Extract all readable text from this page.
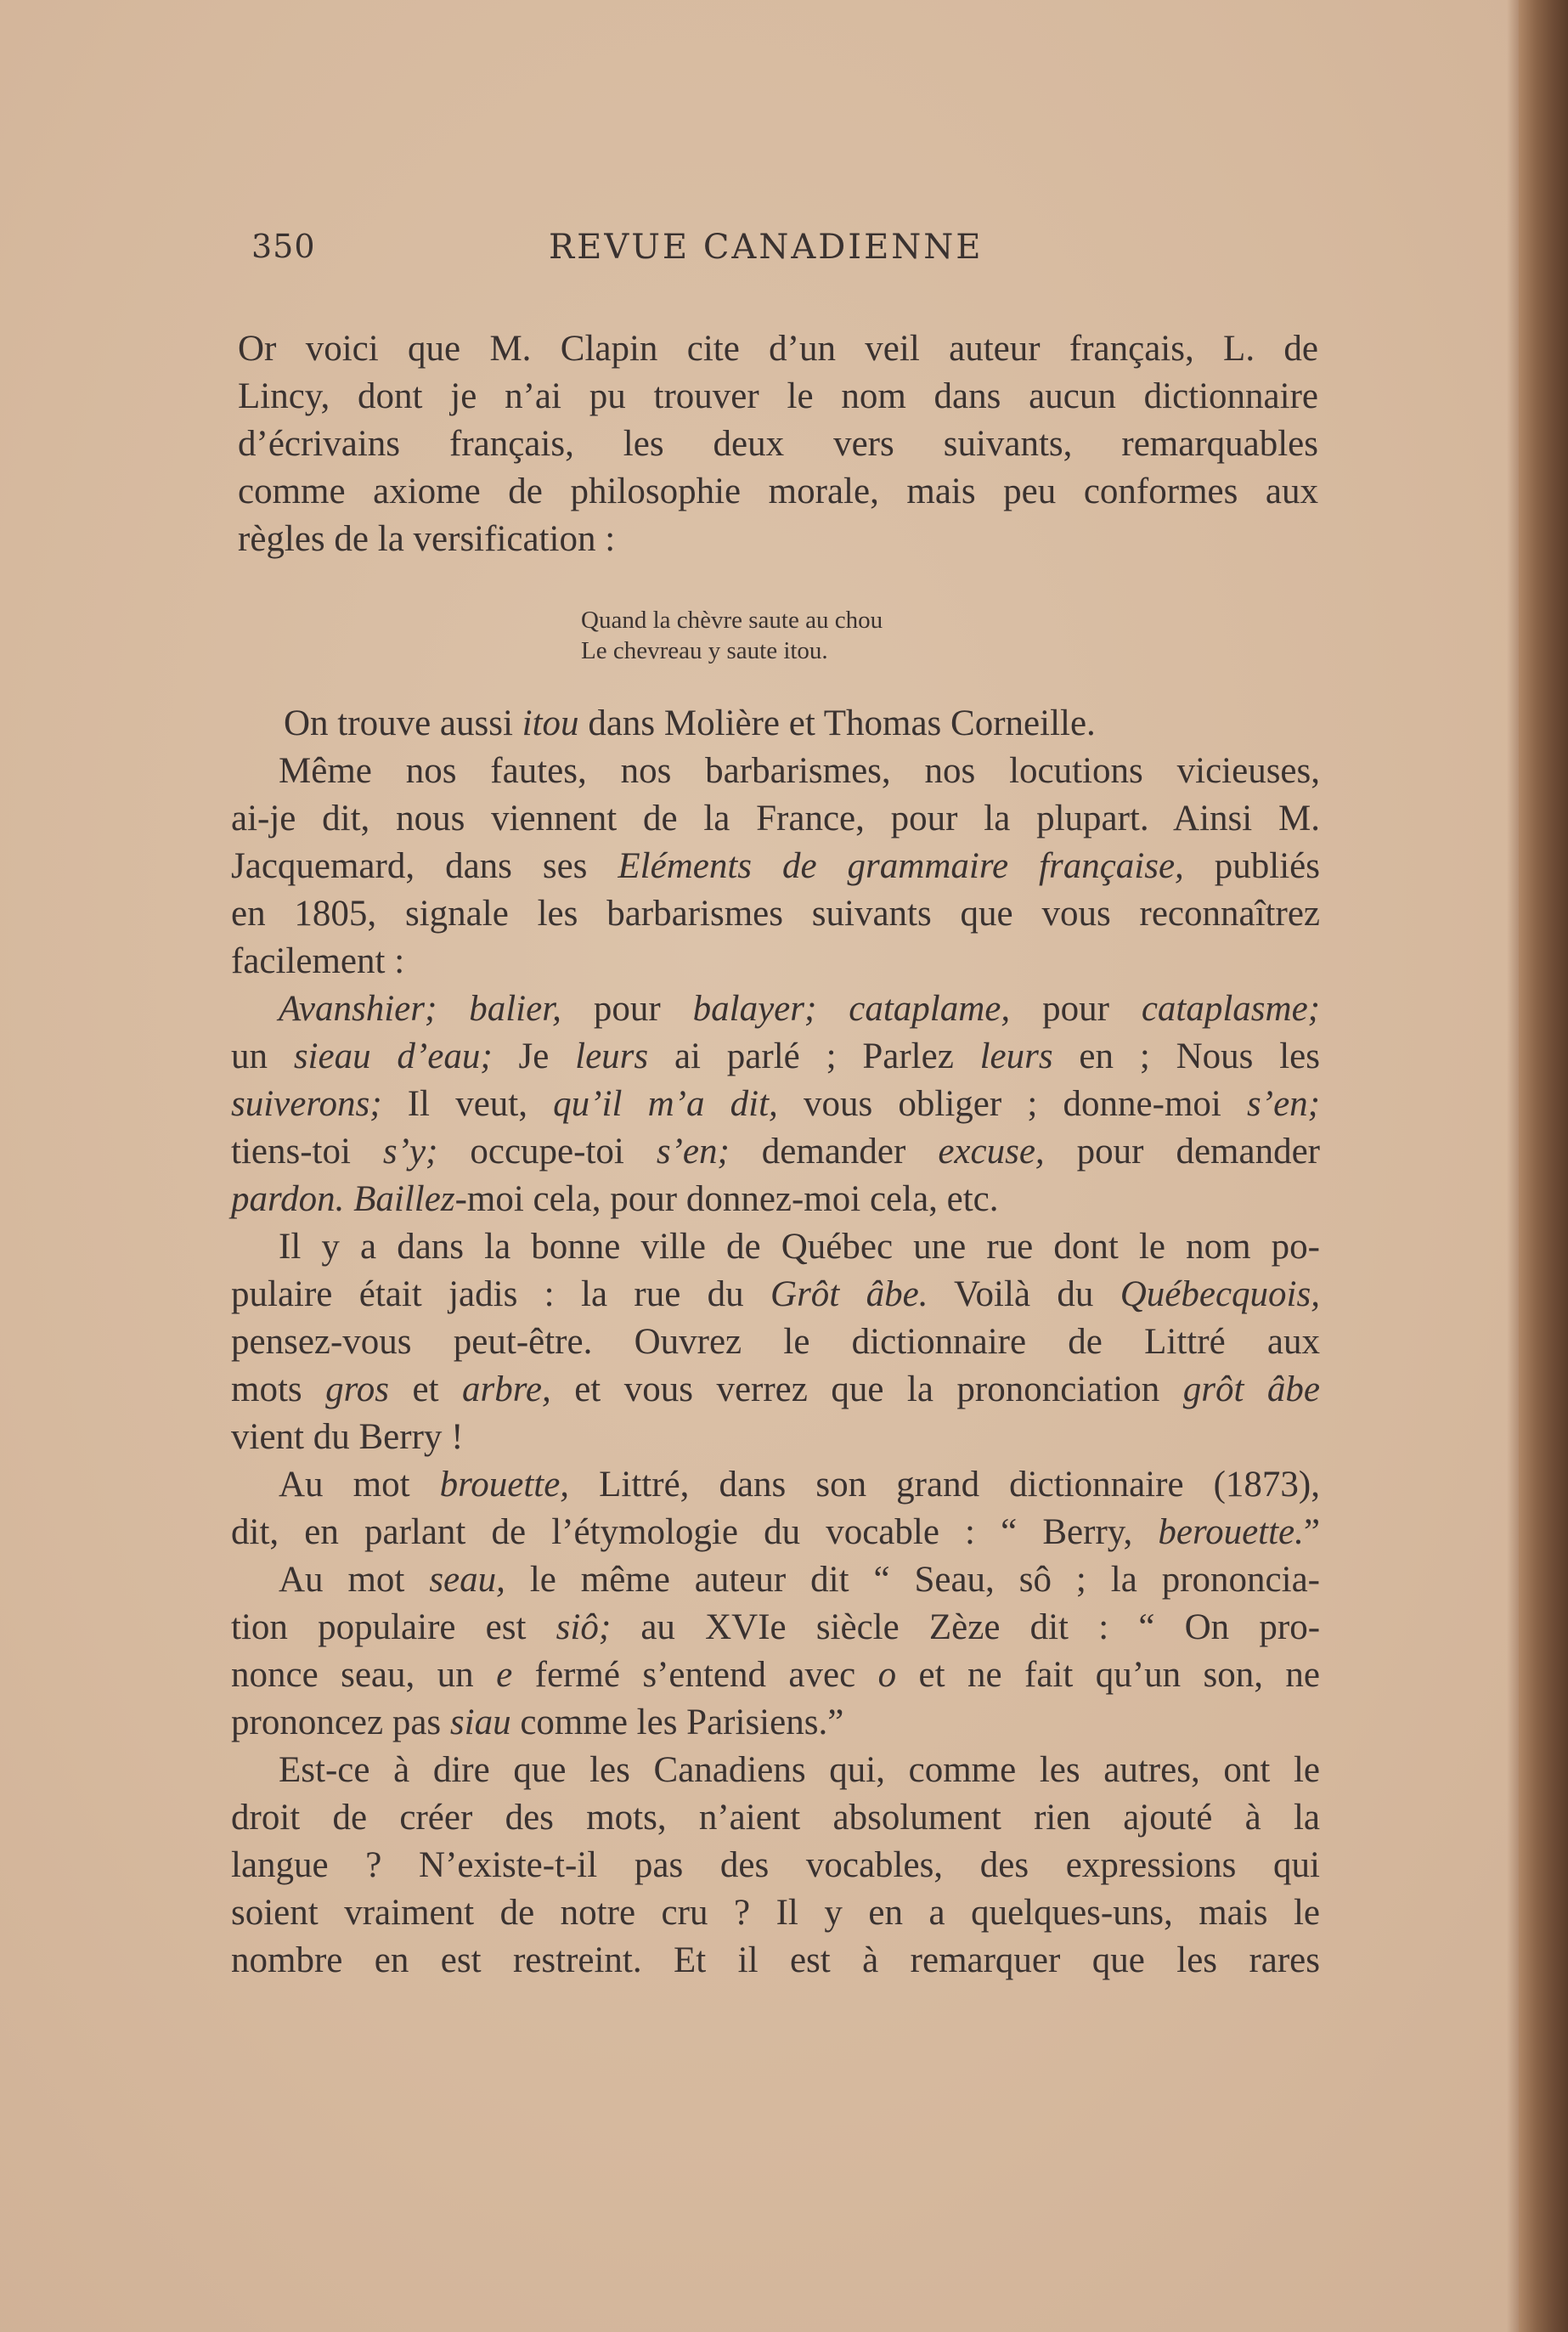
350	REVUE CANADIENNE
Or voici que M. Clapin cite d’un veil auteur français, L. de
Lincy, dont je n’ai pu trouver le nom dans aucun dictionnaire
d’écrivains français, les deux vers suivants, remarquables
comme axiome de philosophie morale, mais peu conformes aux
règles de la versification :
Quand la chèvre saute au chou
Le chevreau y saute itou.
On trouve aussi itou dans Molière et Thomas Corneille.
Même nos fautes, nos barbarismes, nos locutions vicieuses,
ai-je dit, nous viennent de la France, pour la plupart. Ainsi M.
Jacquemard, dans ses Eléments de grammaire française, publiés
en 1805, signale les barbarismes suivants que vous reconnaîtrez
facilement :
Avanshier; balier, pour balayer; cataplame, pour cataplasme;
un sieau d’eau; Je leurs ai parlé ; Parlez leurs en ; Nous les
suiverons; Il veut, qu’il m’a dit, vous obliger ; donne-moi s’en;
tiens-toi s’y; occupe-toi s’en; demander excuse, pour demander
pardon. Baillez-moi cela, pour donnez-moi cela, etc.
Il y a dans la bonne ville de Québec une rue dont le nom po-
pulaire était jadis : la rue du Grôt âbe. Voilà du Québecquois,
pensez-vous peut-être. Ouvrez le dictionnaire de Littré aux
mots gros et arbre, et vous verrez que la prononciation grôt âbe
vient du Berry !
Au mot brouette, Littré, dans son grand dictionnaire (1873),
dit, en parlant de l’étymologie du vocable : “ Berry, berouette.”
Au mot seau, le même auteur dit “ Seau, sô ; la prononcia-
tion populaire est siô; au XVIe siècle Zèze dit : “ On pro-
nonce seau, un e fermé s’entend avec o et ne fait qu’un son, ne
prononcez pas siau comme les Parisiens.”
Est-ce à dire que les Canadiens qui, comme les autres, ont le
droit de créer des mots, n’aient absolument rien ajouté à la
langue ? N’existe-t-il pas des vocables, des expressions qui
soient vraiment de notre cru ? Il y en a quelques-uns, mais le
nombre en est restreint. Et il est à remarquer que les rares
